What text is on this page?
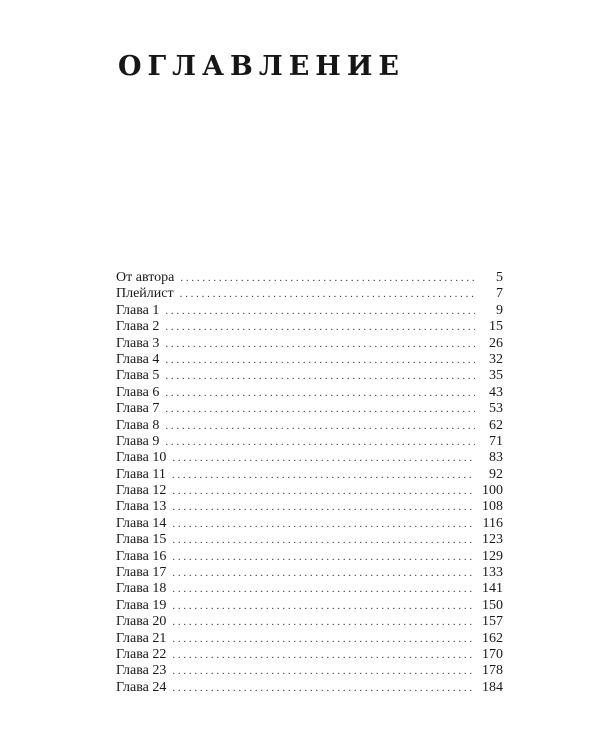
ОГЛАВЛЕНИЕ
От автора . . .	5
Плейлист . . .	7
Глава 1 . . .	9
Глава 2 . . .	15
Глава 3 . . .	26
Глава 4 . . .	32
Глава 5 . . .	35
Глава 6 . . .	43
Глава 7 . . .	53
Глава 8 . . .	62
Глава 9 . . .	71
Глава 10 . . .	83
Глава 11 . . .	92
Глава 12 . . .	100
Глава 13 . . .	108
Глава 14 . . .	116
Глава 15 . . .	123
Глава 16 . . .	129
Глава 17 . . .	133
Глава 18 . . .	141
Глава 19 . . .	150
Глава 20 . . .	157
Глава 21 . . .	162
Глава 22 . . .	170
Глава 23 . . .	178
Глава 24 . . .	184
